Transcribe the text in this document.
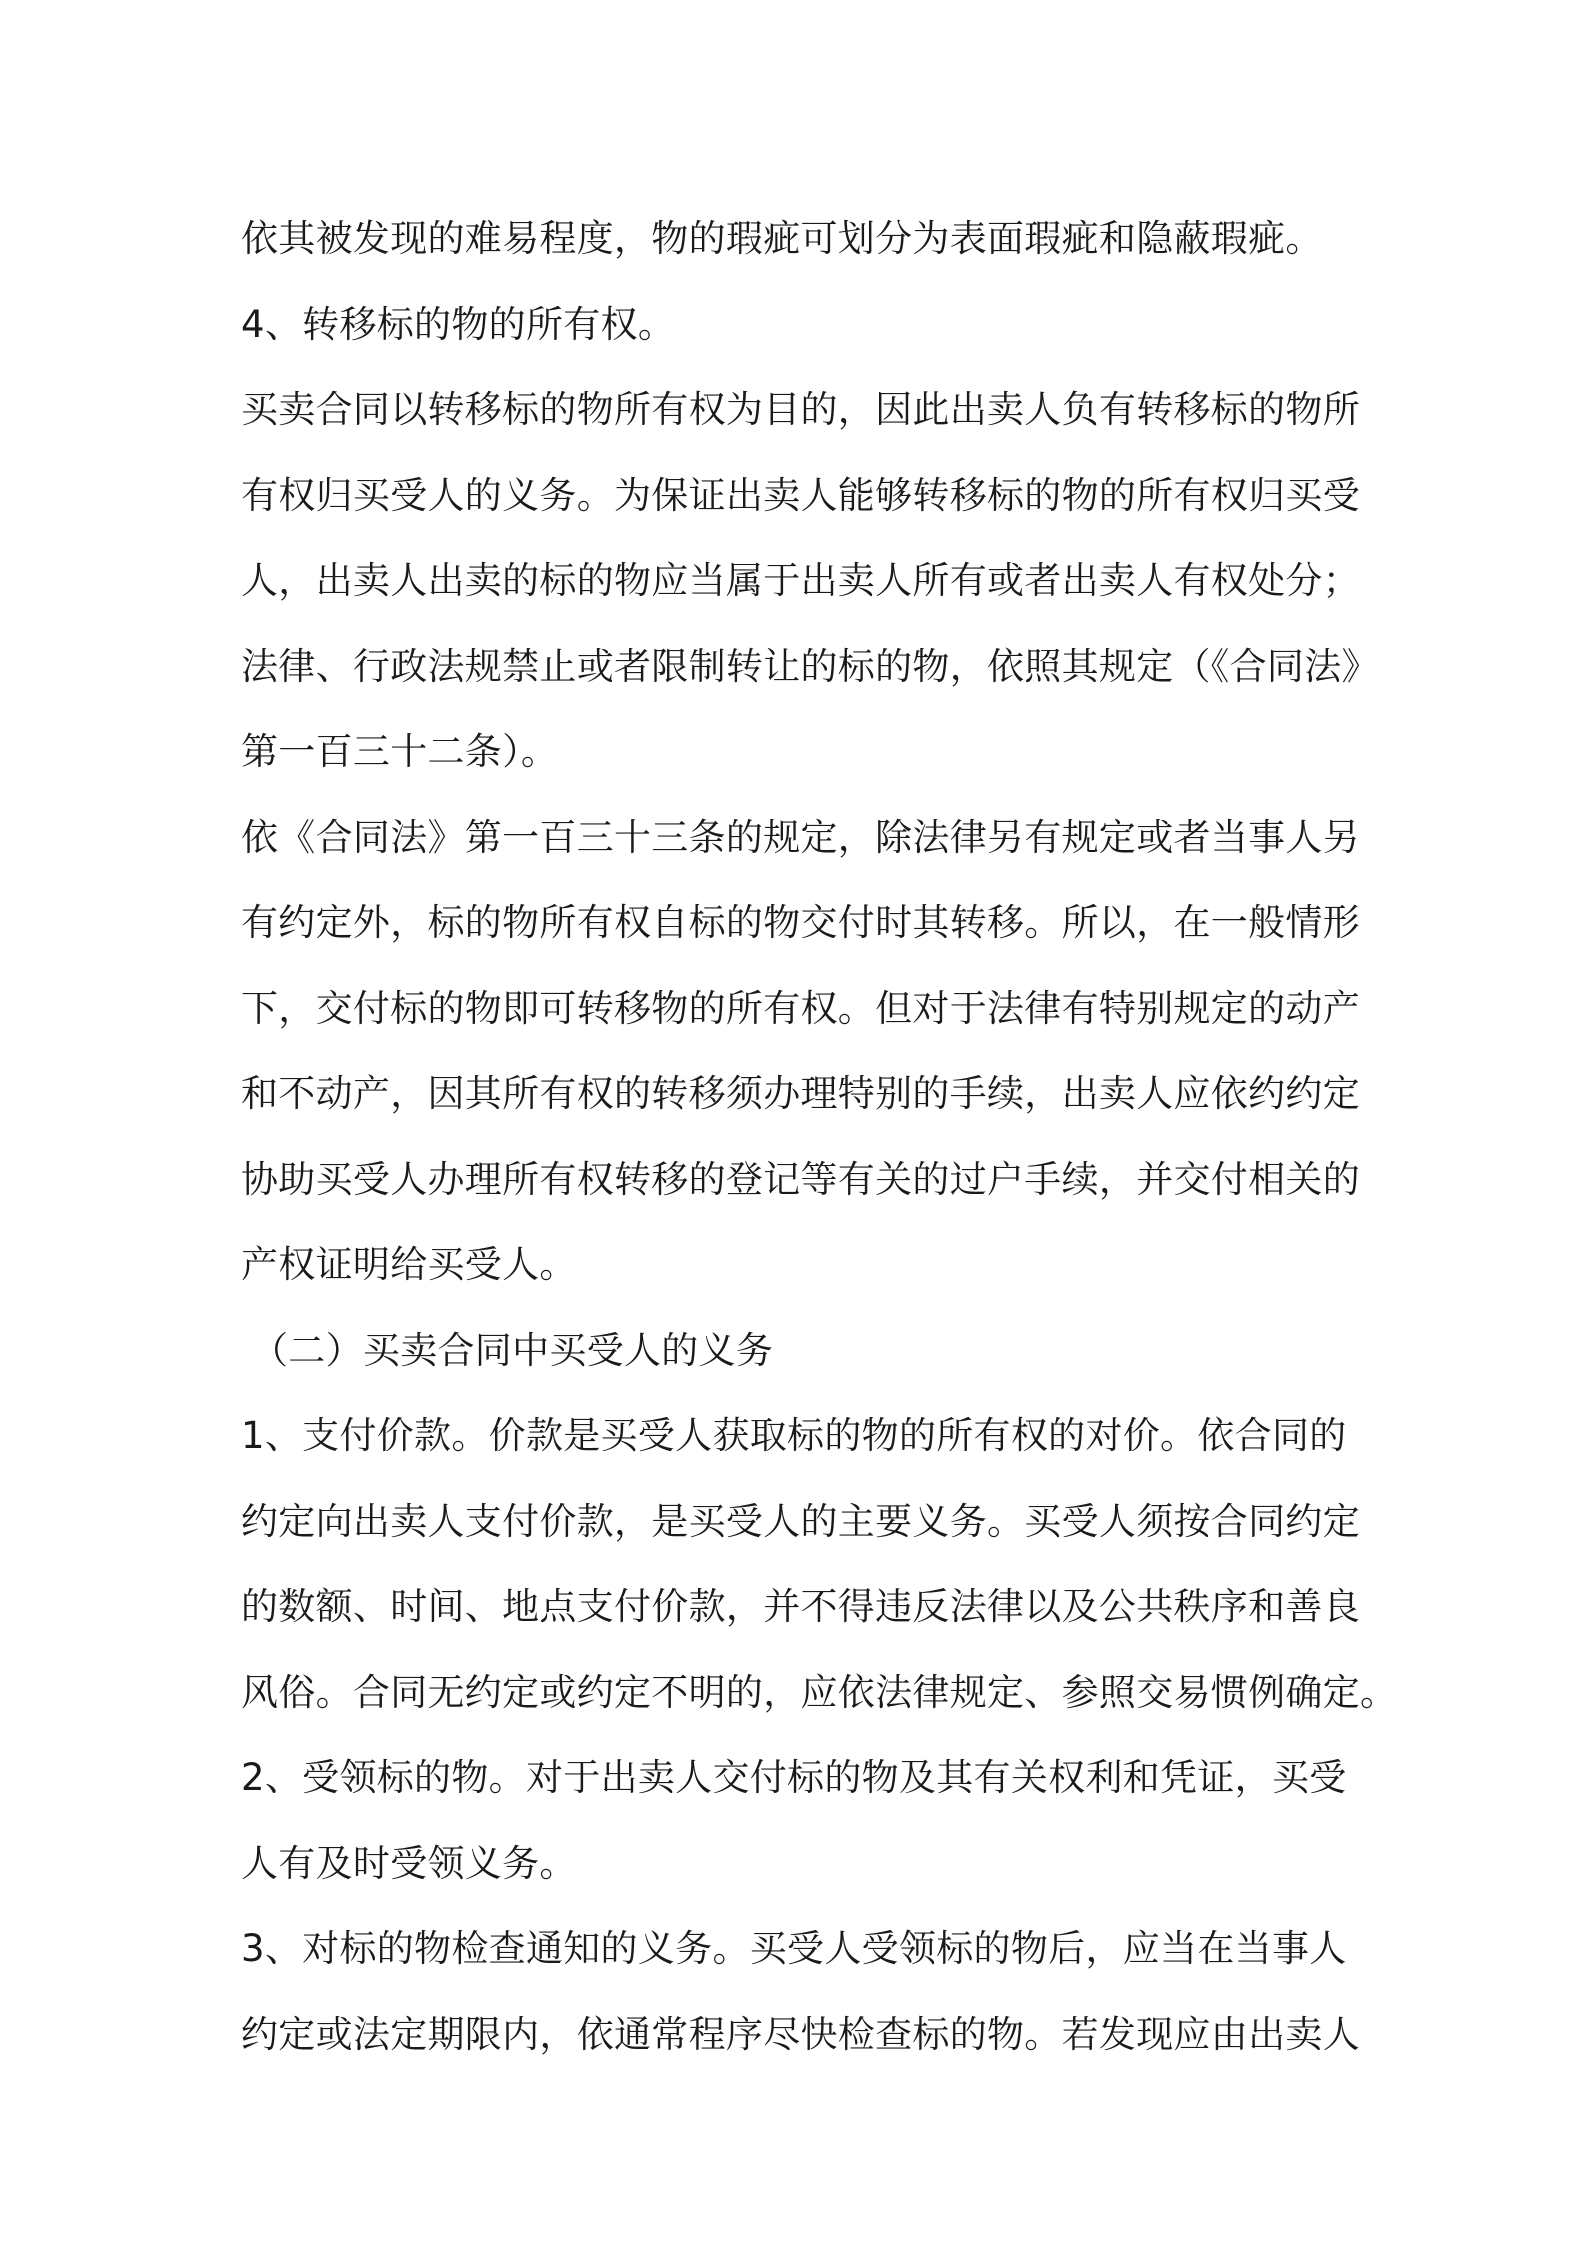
依其被发现的难易程度，物的瑕疵可划分为表面瑕疵和隐蔽瑕疵。
4、转移标的物的所有权。
买卖合同以转移标的物所有权为目的，因此出卖人负有转移标的物所
有权归买受人的义务。为保证出卖人能够转移标的物的所有权归买受
人，出卖人出卖的标的物应当属于出卖人所有或者出卖人有权处分；
法律、行政法规禁止或者限制转让的标的物，依照其规定（《合同法》
第一百三十二条）。
依《合同法》第一百三十三条的规定，除法律另有规定或者当事人另
有约定外，标的物所有权自标的物交付时其转移。所以，在一般情形
下，交付标的物即可转移物的所有权。但对于法律有特别规定的动产
和不动产，因其所有权的转移须办理特别的手续，出卖人应依约约定
协助买受人办理所有权转移的登记等有关的过户手续，并交付相关的
产权证明给买受人。
（二）买卖合同中买受人的义务
1、支付价款。价款是买受人获取标的物的所有权的对价。依合同的
约定向出卖人支付价款，是买受人的主要义务。买受人须按合同约定
的数额、时间、地点支付价款，并不得违反法律以及公共秩序和善良
风俗。合同无约定或约定不明的，应依法律规定、参照交易惯例确定。
2、受领标的物。对于出卖人交付标的物及其有关权利和凭证，买受
人有及时受领义务。
3、对标的物检查通知的义务。买受人受领标的物后，应当在当事人
约定或法定期限内，依通常程序尽快检查标的物。若发现应由出卖人
